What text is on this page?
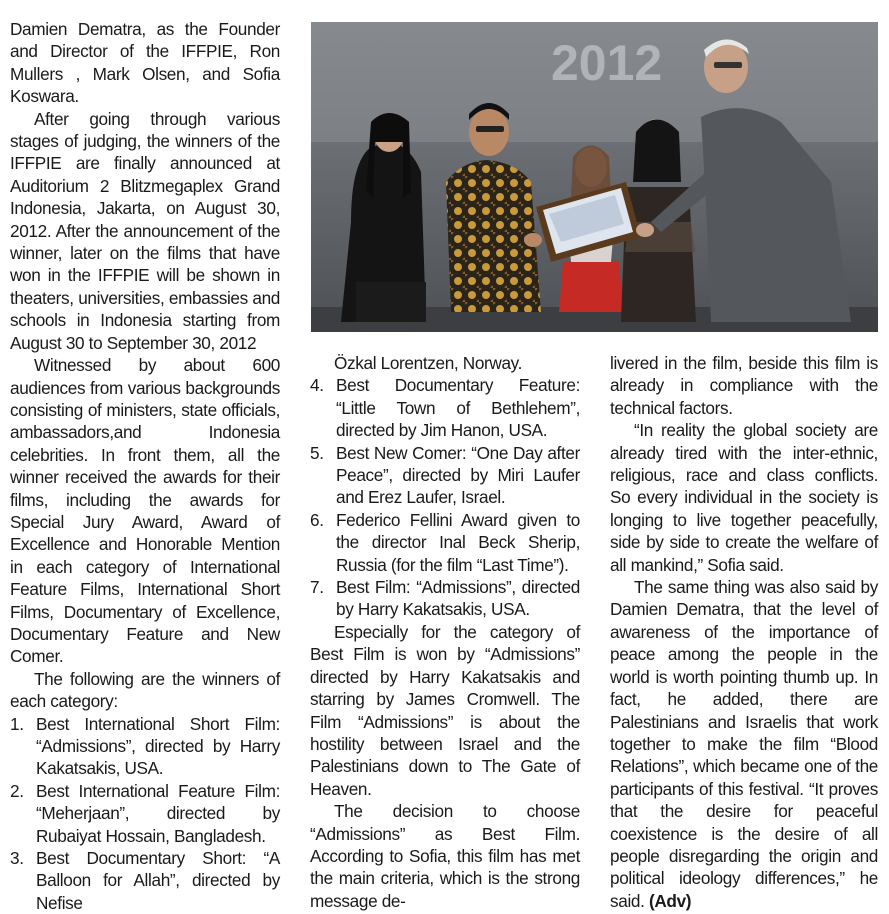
Damien Dematra, as the Founder and Director of the IFFPIE, Ron Mullers , Mark Olsen, and Sofia Koswara.

After going through various stages of judging, the winners of the IFFPIE are finally announced at Auditorium 2 Blitzmegaplex Grand Indonesia, Jakarta, on August 30, 2012. After the announcement of the winner, later on the films that have won in the IFFPIE will be shown in theaters, universities, embassies and schools in Indonesia starting from August 30 to September 30, 2012

Witnessed by about 600 audiences from various backgrounds consisting of ministers, state officials, ambassadors,and Indonesia celebrities. In front them, all the winner received the awards for their films, including the awards for Special Jury Award, Award of Excellence and Honorable Mention in each category of International Feature Films, International Short Films, Documentary of Excellence, Documentary Feature and New Comer.

The following are the winners of each category:

1. Best International Short Film: “Admissions”, directed by Harry Kakatsakis, USA.
2. Best International Feature Film: “Meherjaan”, directed by Rubaiyat Hossain, Bangladesh.
3. Best Documentary Short: “A Balloon for Allah”, directed by Nefise
2012

Özkal Lorentzen, Norway.

4. Best Documentary Feature: “Little Town of Bethlehem”, directed by Jim Hanon, USA.
5. Best New Comer: “One Day after Peace”, directed by Miri Laufer and Erez Laufer, Israel.
6. Federico Fellini Award given to the director Inal Beck Sherip, Russia (for the film “Last Time”).
7. Best Film: “Admissions”, directed by Harry Kakatsakis, USA.

Especially for the category of Best Film is won by “Admissions” directed by Harry Kakatsakis and starring by James Cromwell. The Film “Admissions” is about the hostility between Israel and the Palestinians down to The Gate of Heaven.

The decision to choose “Admissions” as Best Film. According to Sofia, this film has met the main criteria, which is the strong message de-

livered in the film, beside this film is already in compliance with the technical factors.

“In reality the global society are already tired with the inter-ethnic, religious, race and class conflicts. So every individual in the society is longing to live together peacefully, side by side to create the welfare of all mankind,” Sofia said.

The same thing was also said by Damien Dematra, that the level of awareness of the importance of peace among the people in the world is worth pointing thumb up. In fact, he added, there are Palestinians and Israelis that work together to make the film “Blood Relations”, which became one of the participants of this festival. “It proves that the desire for peaceful coexistence is the desire of all people disregarding the origin and political ideology differences,” he said. (Adv)
